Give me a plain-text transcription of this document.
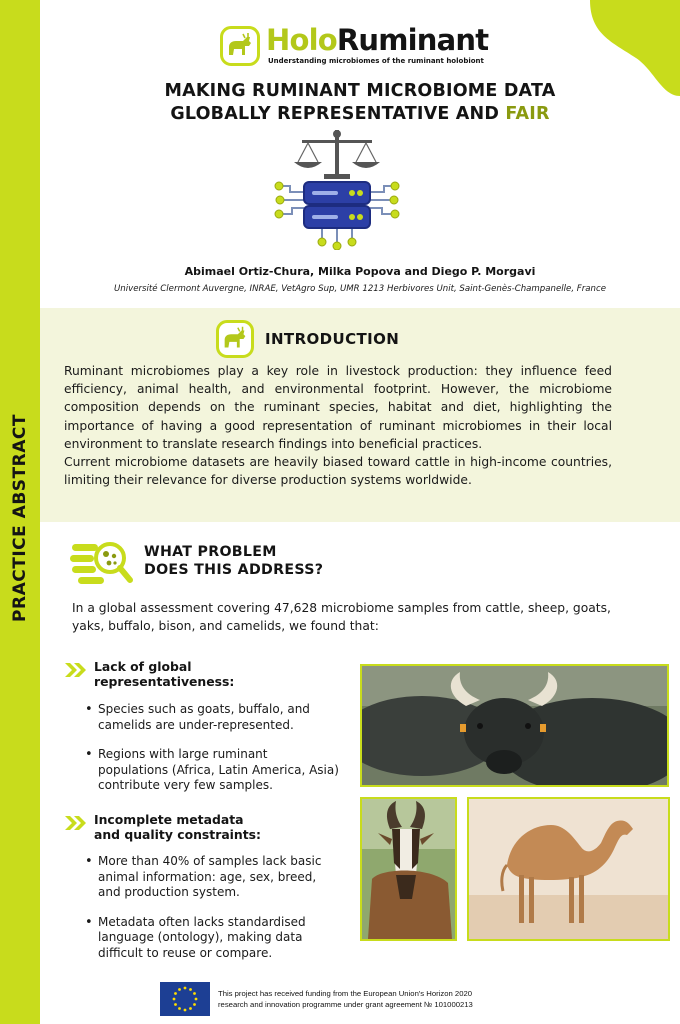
PRACTICE ABSTRACT
HoloRuminant
Understanding microbiomes of the ruminant holobiont
MAKING RUMINANT MICROBIOME DATA
GLOBALLY REPRESENTATIVE AND FAIR
Abimael Ortiz-Chura, Milka Popova and Diego P. Morgavi
Université Clermont Auvergne, INRAE, VetAgro Sup, UMR 1213 Herbivores Unit, Saint-Genès-Champanelle, France
INTRODUCTION

Ruminant microbiomes play a key role in livestock production: they influence feed efficiency, animal health, and environmental footprint. However, the microbiome composition depends on the ruminant species, habitat and diet, highlighting the importance of having a good representation of ruminant microbiomes in their local environment to translate research findings into beneficial practices.

Current microbiome datasets are heavily biased toward cattle in high-income countries, limiting their relevance for diverse production systems worldwide.

WHAT PROBLEM
DOES THIS ADDRESS?
In a global assessment covering 47,628 microbiome samples from cattle, sheep, goats, yaks, buffalo, bison, and camelids, we found that:
Lack of global
representativeness:
• Species such as goats, buffalo, and camelids are under-represented.
• Regions with large ruminant populations (Africa, Latin America, Asia) contribute very few samples.
Incomplete metadata
and quality constraints:
• More than 40% of samples lack basic animal information: age, sex, breed, and production system.
• Metadata often lacks standardised language (ontology), making data difficult to reuse or compare.
This project has received funding from the European Union's Horizon 2020
research and innovation programme under grant agreement № 101000213
